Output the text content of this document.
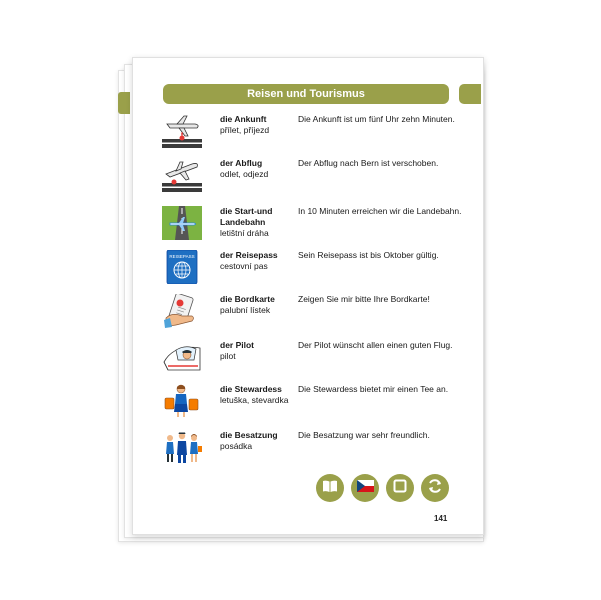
Reisen und Tourismus
die Ankunft
přílet, příjezd
Die Ankunft ist um fünf Uhr zehn Minuten.
der Abflug
odlet, odjezd
Der Abflug nach Bern ist verschoben.
die Start-und Landebahn
letištní dráha
In 10 Minuten erreichen wir die Landebahn.
REISEPASS	der Reisepass
cestovní pas
Sein Reisepass ist bis Oktober gültig.
die Bordkarte
palubní lístek
Zeigen Sie mir bitte Ihre Bordkarte!
der Pilot
pilot
Der Pilot wünscht allen einen guten Flug.
die Stewardess
letuška, stevardka
Die Stewardess bietet mir einen Tee an.
die Besatzung
posádka
Die Besatzung war sehr freundlich.
141
